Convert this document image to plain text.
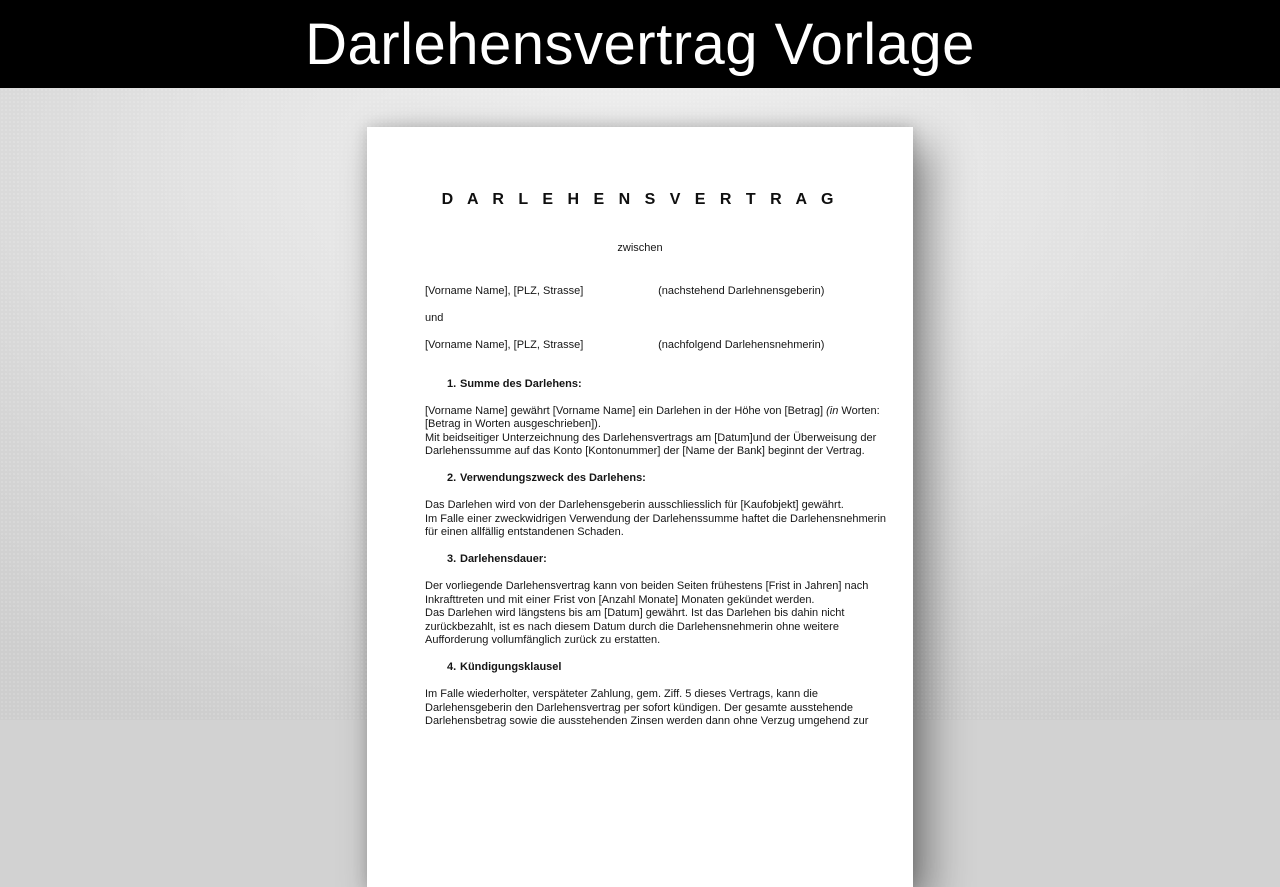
Darlehensvertrag Vorlage
D A R L E H E N S V E R T R A G
zwischen
[Vorname Name], [PLZ, Strasse]	(nachstehend Darlehnensgeberin)
und
[Vorname Name], [PLZ, Strasse]	(nachfolgend Darlehensnehmerin)
1. Summe des Darlehens:
[Vorname Name] gewährt [Vorname Name] ein Darlehen in der Höhe von [Betrag] (in Worten:
[Betrag in Worten ausgeschrieben]).
Mit beidseitiger Unterzeichnung des Darlehensvertrags am [Datum]und der Überweisung der
Darlehenssumme auf das Konto [Kontonummer] der [Name der Bank] beginnt der Vertrag.
2. Verwendungszweck des Darlehens:
Das Darlehen wird von der Darlehensgeberin ausschliesslich für [Kaufobjekt] gewährt.
Im Falle einer zweckwidrigen Verwendung der Darlehenssumme haftet die Darlehensnehmerin
für einen allfällig entstandenen Schaden.
3. Darlehensdauer:
Der vorliegende Darlehensvertrag kann von beiden Seiten frühestens [Frist in Jahren] nach
Inkrafttreten und mit einer Frist von [Anzahl Monate] Monaten gekündet werden.
Das Darlehen wird längstens bis am [Datum] gewährt. Ist das Darlehen bis dahin nicht
zurückbezahlt, ist es nach diesem Datum durch die Darlehensnehmerin ohne weitere
Aufforderung vollumfänglich zurück zu erstatten.
4. Kündigungsklausel
Im Falle wiederholter, verspäteter Zahlung, gem. Ziff. 5 dieses Vertrags, kann die
Darlehensgeberin den Darlehensvertrag per sofort kündigen. Der gesamte ausstehende
Darlehensbetrag sowie die ausstehenden Zinsen werden dann ohne Verzug umgehend zur
